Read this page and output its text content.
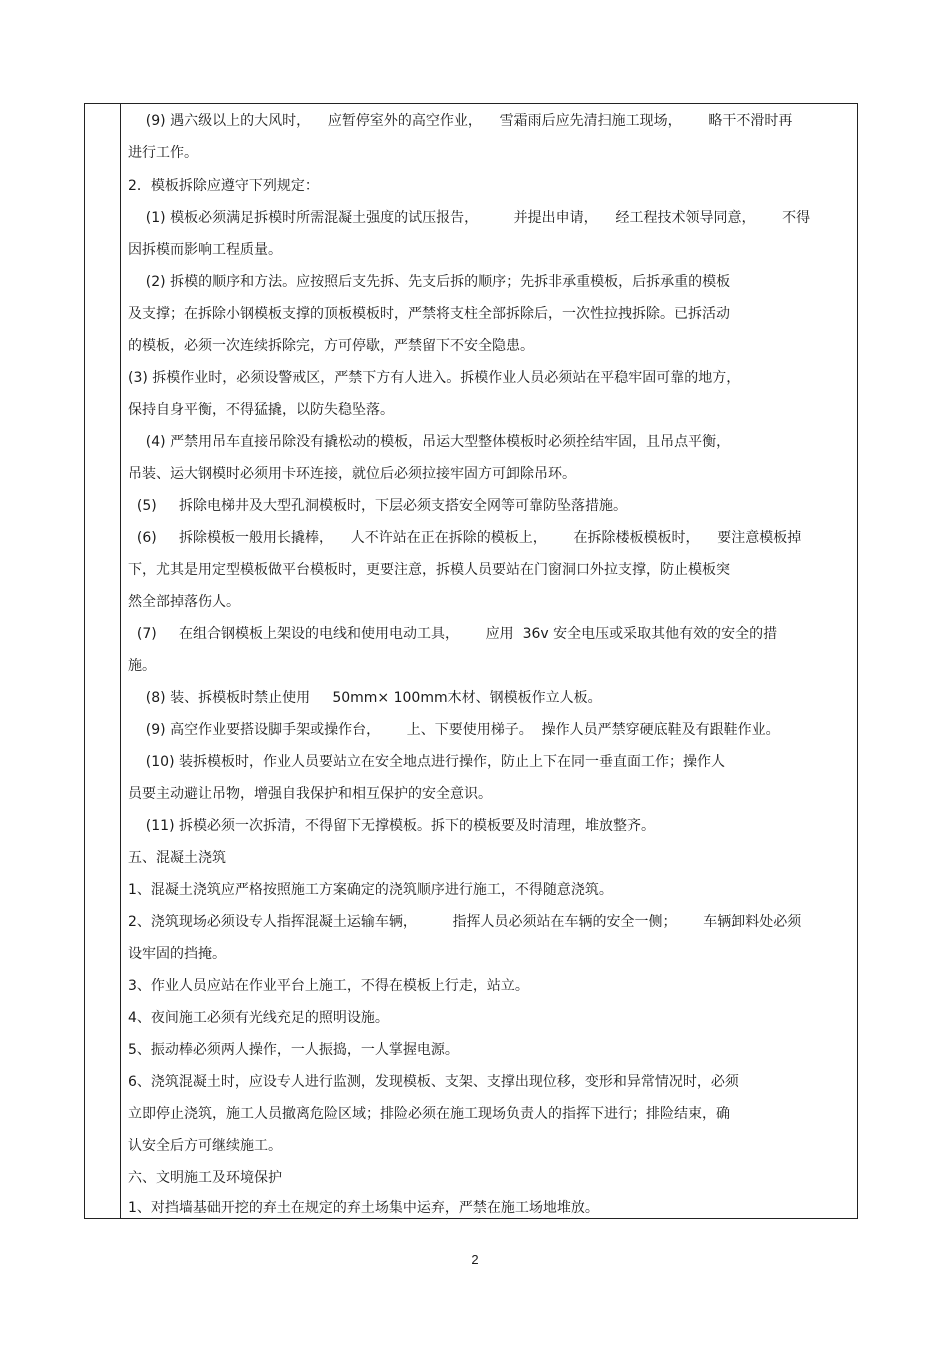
(9) 遇六级以上的大风时，    应暂停室外的高空作业，    雪霜雨后应先清扫施工现场，      略干不滑时再
进行工作。
2．模板拆除应遵守下列规定：
(1) 模板必须满足拆模时所需混凝土强度的试压报告，        并提出申请，    经工程技术领导同意，      不得
因拆模而影响工程质量。
(2) 拆模的顺序和方法。应按照后支先拆、先支后拆的顺序；先拆非承重模板，后拆承重的模板
及支撑；在拆除小钢模板支撑的顶板模板时，严禁将支柱全部拆除后，一次性拉拽拆除。已拆活动
的模板，必须一次连续拆除完，方可停歇，严禁留下不安全隐患。
(3) 拆模作业时，必须设警戒区，严禁下方有人进入。拆模作业人员必须站在平稳牢固可靠的地方，
保持自身平衡，不得猛撬，以防失稳坠落。
(4) 严禁用吊车直接吊除没有撬松动的模板，吊运大型整体模板时必须拴结牢固，且吊点平衡，
吊装、运大钢模时必须用卡环连接，就位后必须拉接牢固方可卸除吊环。
(5)     拆除电梯井及大型孔洞模板时，下层必须支搭安全网等可靠防坠落措施。
(6)     拆除模板一般用长撬棒，    人不许站在正在拆除的模板上，      在拆除楼板模板时，    要注意模板掉
下，尤其是用定型模板做平台模板时，更要注意，拆模人员要站在门窗洞口外拉支撑，防止模板突
然全部掉落伤人。
(7)     在组合钢模板上架设的电线和使用电动工具，      应用  36v 安全电压或采取其他有效的安全的措
施。
(8) 装、拆模板时禁止使用     50mm× 100mm木材、钢模板作立人板。
(9) 高空作业要搭设脚手架或操作台，      上、下要使用梯子。  操作人员严禁穿硬底鞋及有跟鞋作业。
(10) 装拆模板时，作业人员要站立在安全地点进行操作，防止上下在同一垂直面工作；操作人
员要主动避让吊物，增强自我保护和相互保护的安全意识。
(11) 拆模必须一次拆清，不得留下无撑模板。拆下的模板要及时清理，堆放整齐。
五、混凝土浇筑
1、混凝土浇筑应严格按照施工方案确定的浇筑顺序进行施工，不得随意浇筑。
2、浇筑现场必须设专人指挥混凝土运输车辆，        指挥人员必须站在车辆的安全一侧；      车辆卸料处必须
设牢固的挡掩。
3、作业人员应站在作业平台上施工，不得在模板上行走，站立。
4、夜间施工必须有光线充足的照明设施。
5、振动棒必须两人操作，一人振捣，一人掌握电源。
6、浇筑混凝土时，应设专人进行监测，发现模板、支架、支撑出现位移，变形和异常情况时，必须
立即停止浇筑，施工人员撤离危险区域；排险必须在施工现场负责人的指挥下进行；排险结束，确
认安全后方可继续施工。
六、文明施工及环境保护
1、对挡墙基础开挖的弃土在规定的弃土场集中运弃，严禁在施工场地堆放。
2
